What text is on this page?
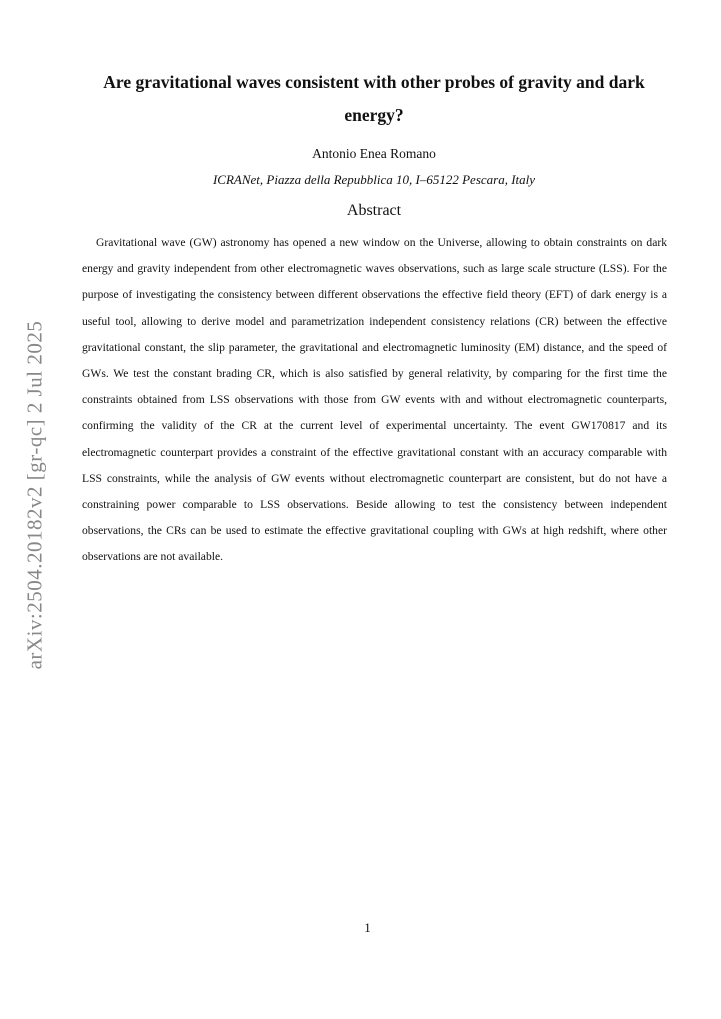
arXiv:2504.20182v2 [gr-qc] 2 Jul 2025
Are gravitational waves consistent with other probes of gravity and dark energy?
Antonio Enea Romano
ICRANet, Piazza della Repubblica 10, I–65122 Pescara, Italy
Abstract

Gravitational wave (GW) astronomy has opened a new window on the Universe, allowing to obtain constraints on dark energy and gravity independent from other electromagnetic waves observations, such as large scale structure (LSS). For the purpose of investigating the consistency between different observations the effective field theory (EFT) of dark energy is a useful tool, allowing to derive model and parametrization independent consistency relations (CR) between the effective gravitational constant, the slip parameter, the gravitational and electromagnetic luminosity (EM) distance, and the speed of GWs. We test the constant brading CR, which is also satisfied by general relativity, by comparing for the first time the constraints obtained from LSS observations with those from GW events with and without electromagnetic counterparts, confirming the validity of the CR at the current level of experimental uncertainty. The event GW170817 and its electromagnetic counterpart provides a constraint of the effective gravitational constant with an accuracy comparable with LSS constraints, while the analysis of GW events without electromagnetic counterpart are consistent, but do not have a constraining power comparable to LSS observations. Beside allowing to test the consistency between independent observations, the CRs can be used to estimate the effective gravitational coupling with GWs at high redshift, where other observations are not available.

1
